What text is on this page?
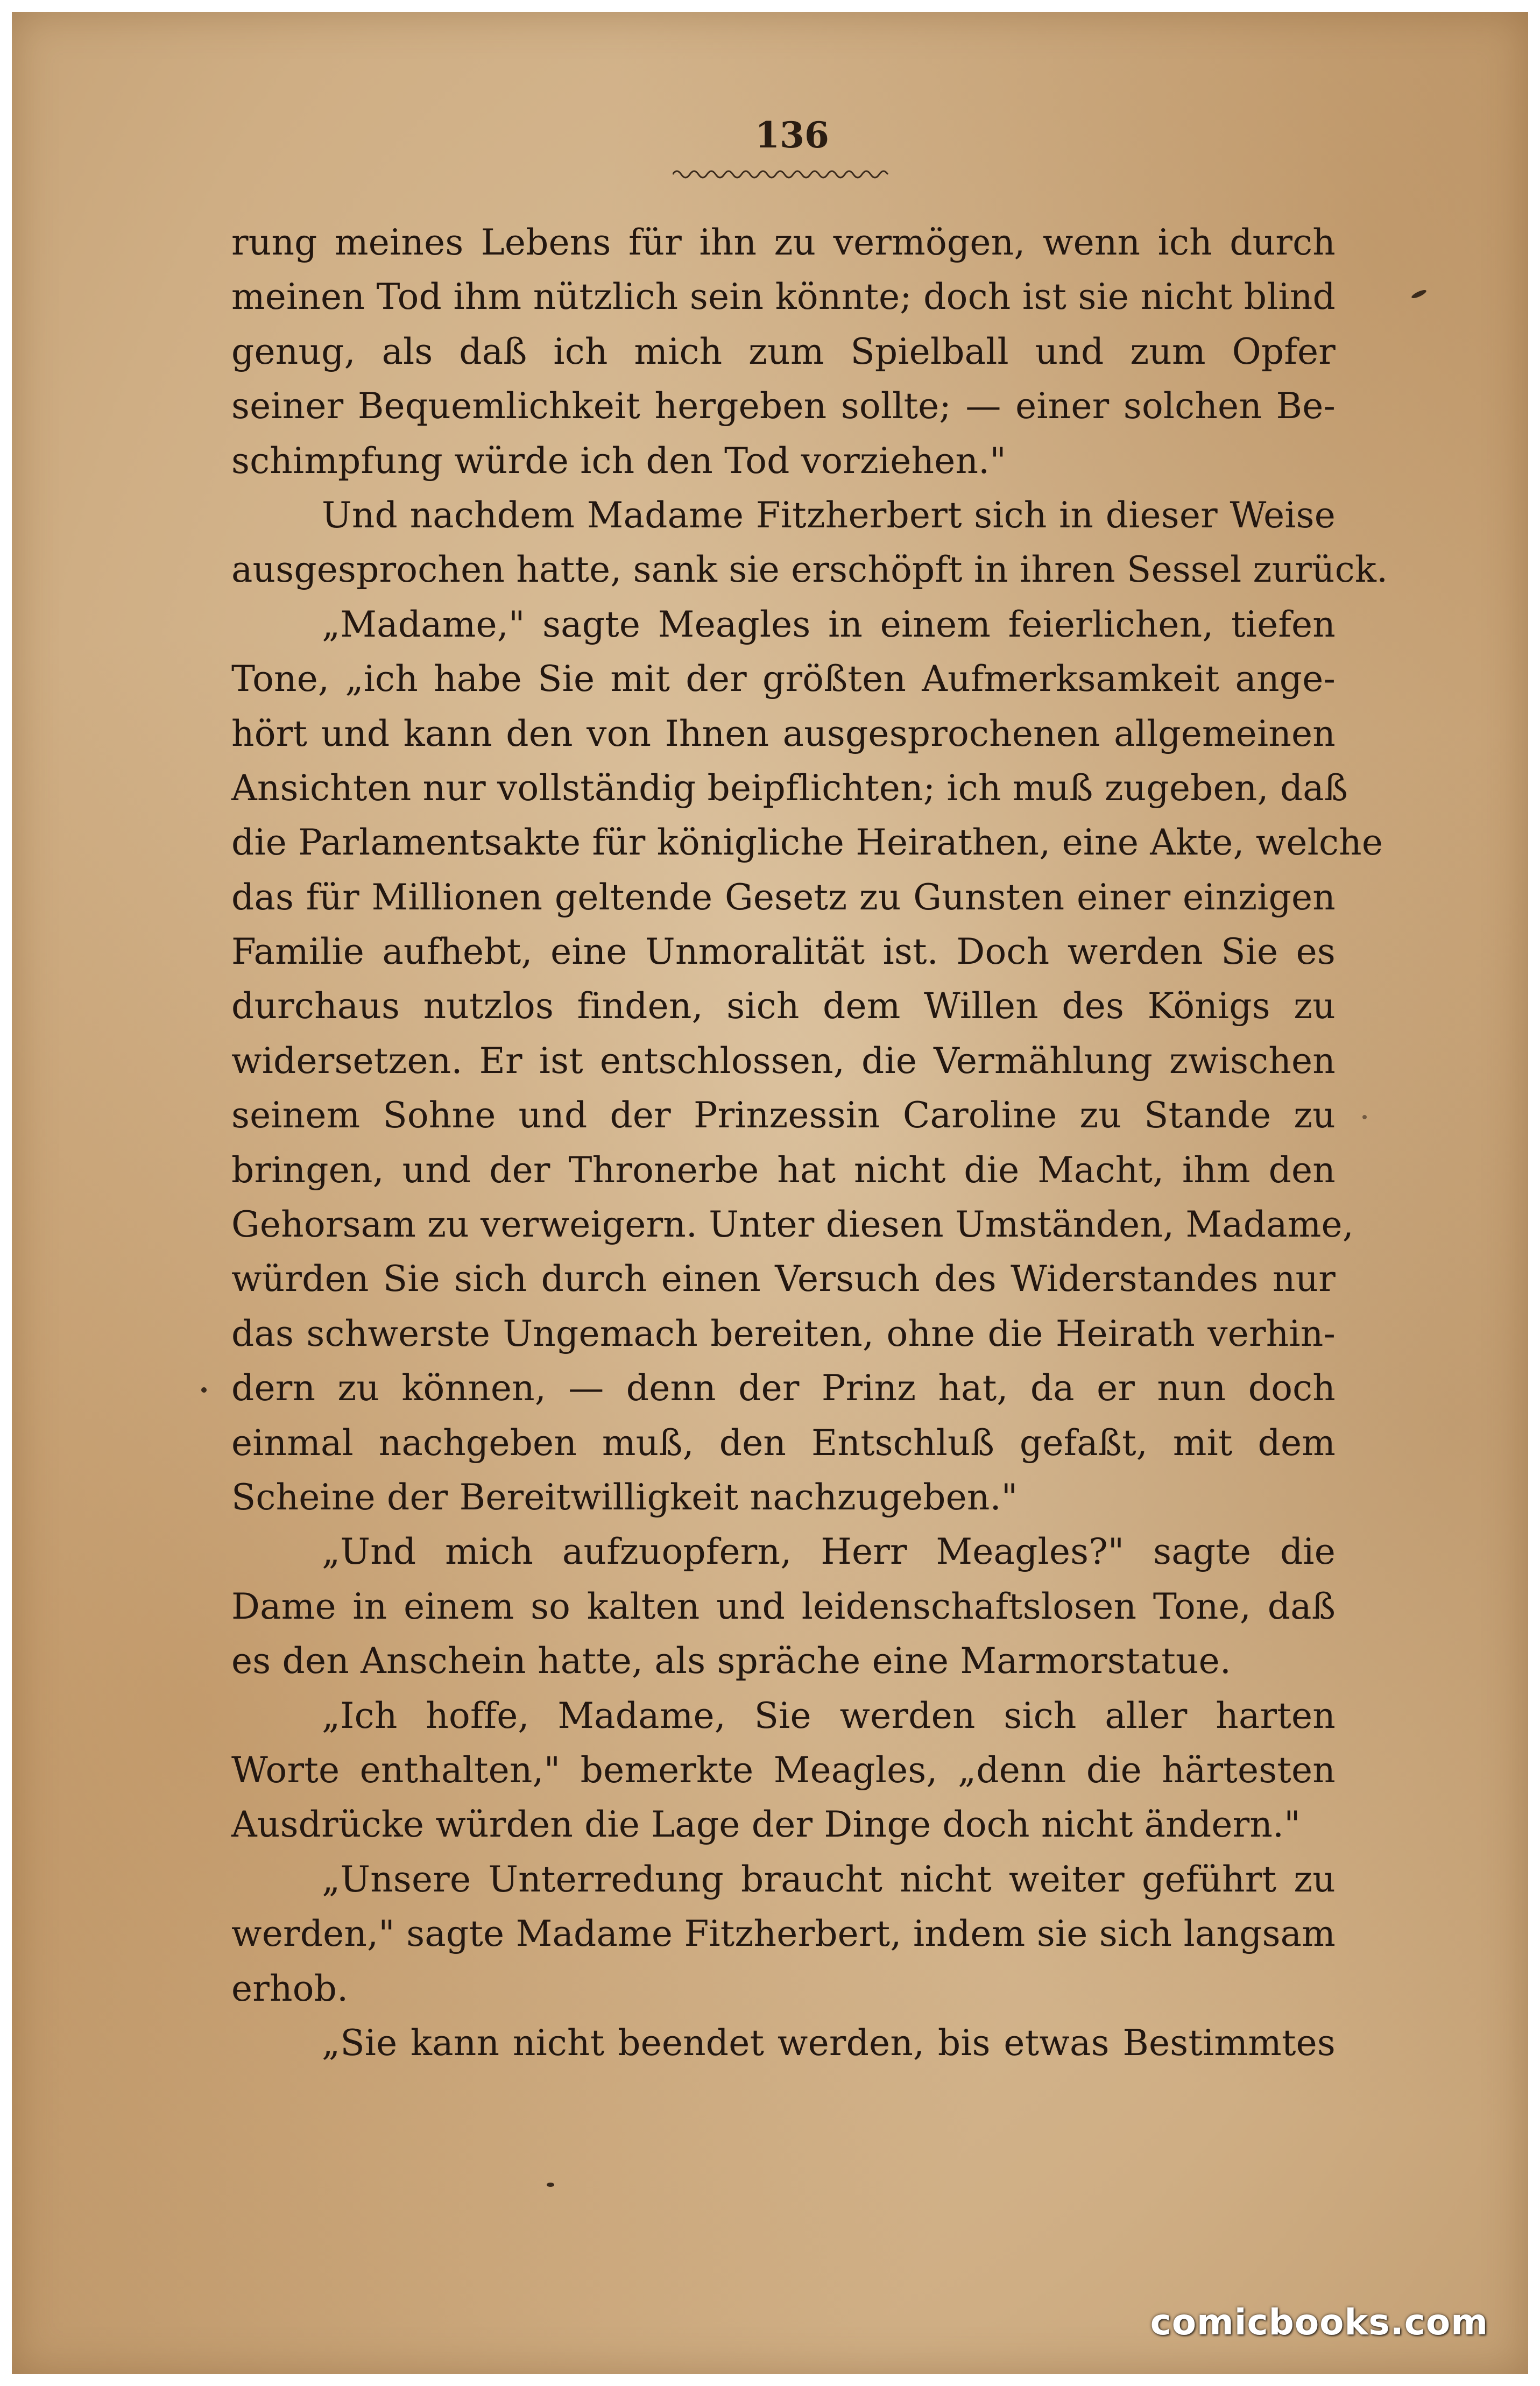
136
rung meines Lebens für ihn zu vermögen, wenn ich durch
meinen Tod ihm nützlich sein könnte; doch ist sie nicht blind
genug, als daß ich mich zum Spielball und zum Opfer
seiner Bequemlichkeit hergeben sollte; — einer solchen Be-
schimpfung würde ich den Tod vorziehen."
Und nachdem Madame Fitzherbert sich in dieser Weise
ausgesprochen hatte, sank sie erschöpft in ihren Sessel zurück.
„Madame," sagte Meagles in einem feierlichen, tiefen
Tone, „ich habe Sie mit der größten Aufmerksamkeit ange-
hört und kann den von Ihnen ausgesprochenen allgemeinen
Ansichten nur vollständig beipflichten; ich muß zugeben, daß
die Parlamentsakte für königliche Heirathen, eine Akte, welche
das für Millionen geltende Gesetz zu Gunsten einer einzigen
Familie aufhebt, eine Unmoralität ist. Doch werden Sie es
durchaus nutzlos finden, sich dem Willen des Königs zu
widersetzen. Er ist entschlossen, die Vermählung zwischen
seinem Sohne und der Prinzessin Caroline zu Stande zu
bringen, und der Thronerbe hat nicht die Macht, ihm den
Gehorsam zu verweigern. Unter diesen Umständen, Madame,
würden Sie sich durch einen Versuch des Widerstandes nur
das schwerste Ungemach bereiten, ohne die Heirath verhin-
dern zu können, — denn der Prinz hat, da er nun doch
einmal nachgeben muß, den Entschluß gefaßt, mit dem
Scheine der Bereitwilligkeit nachzugeben."
„Und mich aufzuopfern, Herr Meagles?" sagte die
Dame in einem so kalten und leidenschaftslosen Tone, daß
es den Anschein hatte, als spräche eine Marmorstatue.
„Ich hoffe, Madame, Sie werden sich aller harten
Worte enthalten," bemerkte Meagles, „denn die härtesten
Ausdrücke würden die Lage der Dinge doch nicht ändern."
„Unsere Unterredung braucht nicht weiter geführt zu
werden," sagte Madame Fitzherbert, indem sie sich langsam
erhob.
„Sie kann nicht beendet werden, bis etwas Bestimmtes
comicbooks.com
